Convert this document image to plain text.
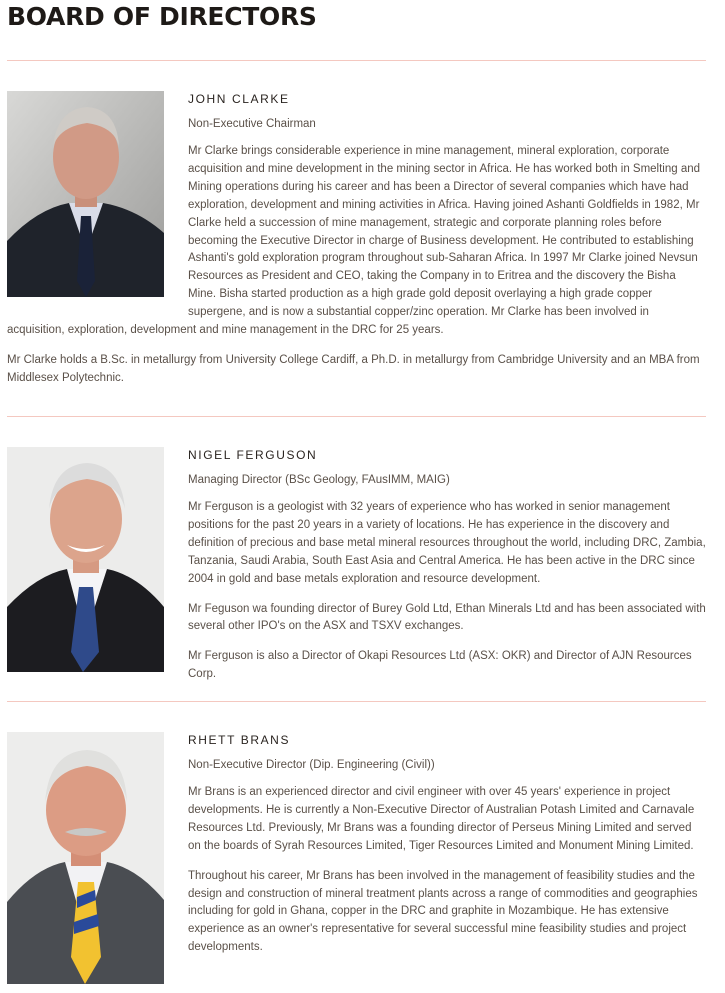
BOARD OF DIRECTORS
JOHN CLARKE
Non-Executive Chairman

Mr Clarke brings considerable experience in mine management, mineral exploration, corporate acquisition and mine development in the mining sector in Africa. He has worked both in Smelting and Mining operations during his career and has been a Director of several companies which have had exploration, development and mining activities in Africa. Having joined Ashanti Goldfields in 1982, Mr Clarke held a succession of mine management, strategic and corporate planning roles before becoming the Executive Director in charge of Business development. He contributed to establishing Ashanti's gold exploration program throughout sub-Saharan Africa. In 1997 Mr Clarke joined Nevsun Resources as President and CEO, taking the Company in to Eritrea and the discovery the Bisha Mine. Bisha started production as a high grade gold deposit overlaying a high grade copper supergene, and is now a substantial copper/zinc operation. Mr Clarke has been involved in acquisition, exploration, development and mine management in the DRC for 25 years.

Mr Clarke holds a B.Sc. in metallurgy from University College Cardiff, a Ph.D. in metallurgy from Cambridge University and an MBA from Middlesex Polytechnic.

NIGEL FERGUSON
Managing Director (BSc Geology, FAusIMM, MAIG)

Mr Ferguson is a geologist with 32 years of experience who has worked in senior management positions for the past 20 years in a variety of locations. He has experience in the discovery and definition of precious and base metal mineral resources throughout the world, including DRC, Zambia, Tanzania, Saudi Arabia, South East Asia and Central America. He has been active in the DRC since 2004 in gold and base metals exploration and resource development.

Mr Feguson wa founding director of Burey Gold Ltd, Ethan Minerals Ltd and has been associated with several other IPO's on the ASX and TSXV exchanges.

Mr Ferguson is also a Director of Okapi Resources Ltd (ASX: OKR) and Director of AJN Resources Corp.

RHETT BRANS
Non-Executive Director (Dip. Engineering (Civil))

Mr Brans is an experienced director and civil engineer with over 45 years' experience in project developments. He is currently a Non-Executive Director of Australian Potash Limited and Carnavale Resources Ltd. Previously, Mr Brans was a founding director of Perseus Mining Limited and served on the boards of Syrah Resources Limited, Tiger Resources Limited and Monument Mining Limited.

Throughout his career, Mr Brans has been involved in the management of feasibility studies and the design and construction of mineral treatment plants across a range of commodities and geographies including for gold in Ghana, copper in the DRC and graphite in Mozambique. He has extensive experience as an owner's representative for several successful mine feasibility studies and project developments.
